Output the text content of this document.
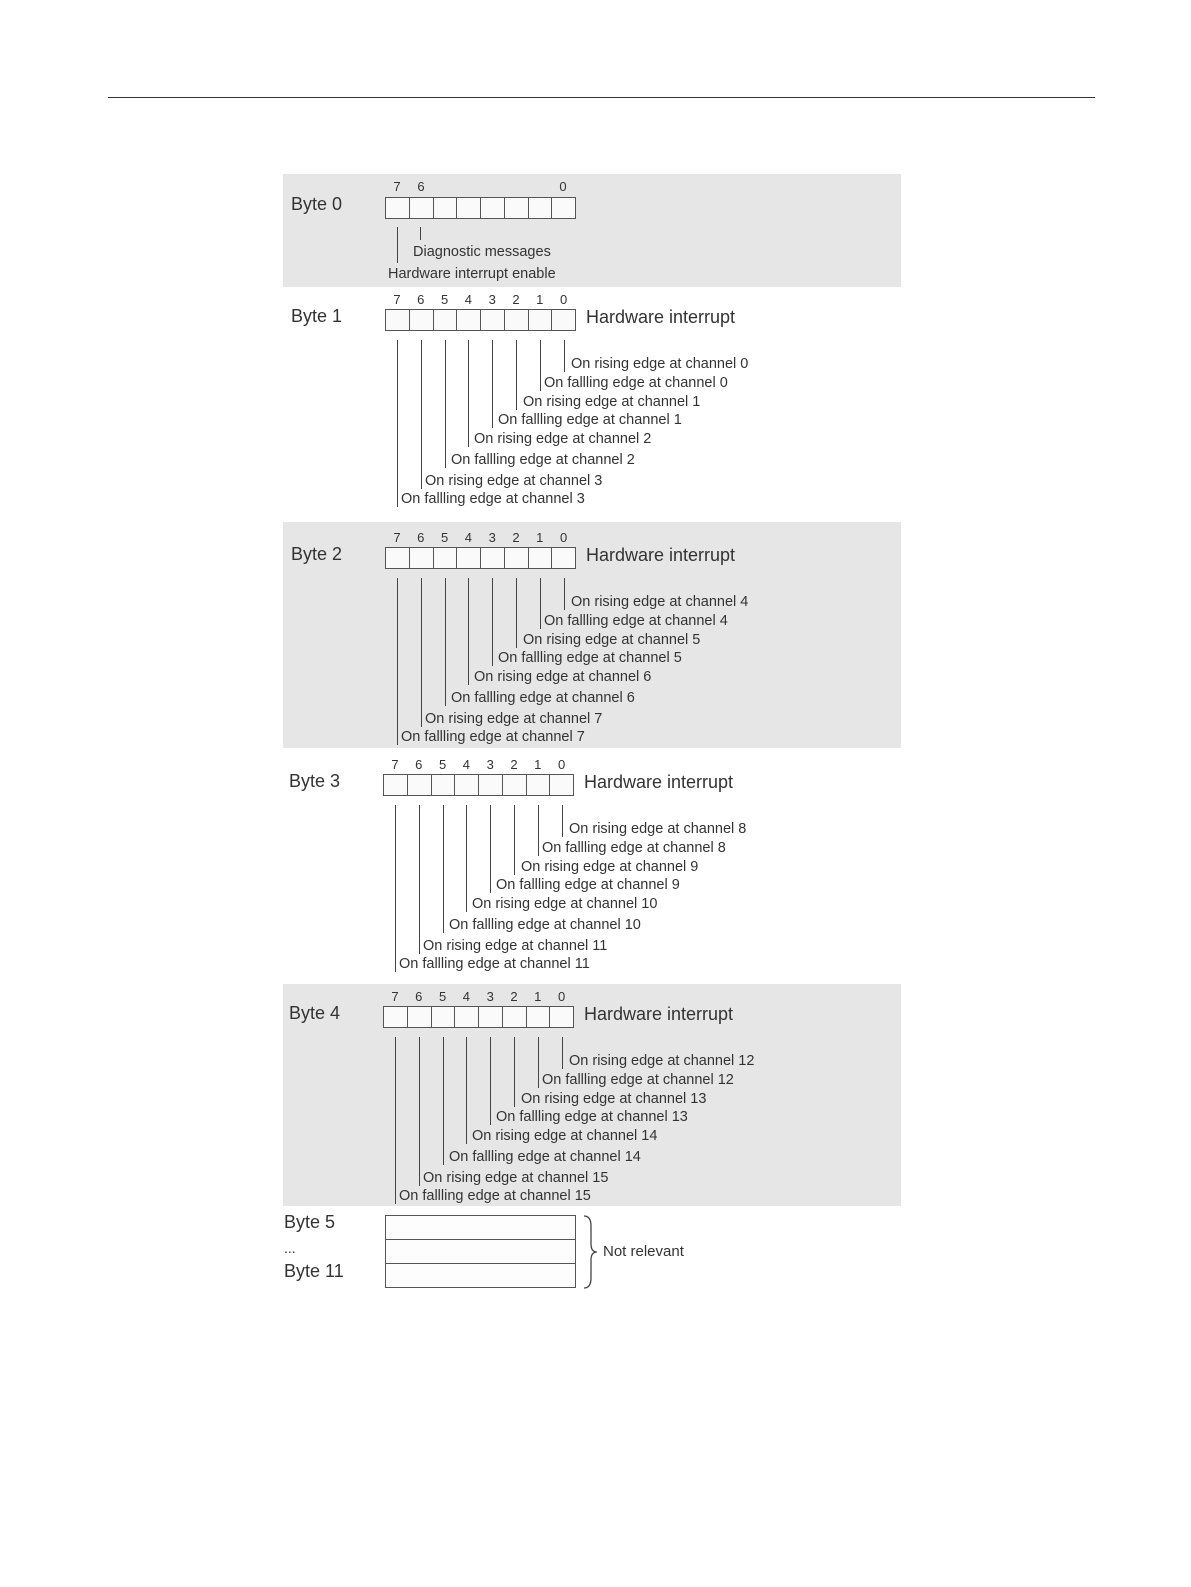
Byte 0
7 6	0
Diagnostic messages
Hardware interrupt enable
Byte 1
7 6 5 4 3 2 1 0
Hardware interrupt
On rising edge at channel 0
On fallling edge at channel 0
On rising edge at channel 1
On fallling edge at channel 1
On rising edge at channel 2
On fallling edge at channel 2
On rising edge at channel 3
On fallling edge at channel 3
Byte 2
7 6 5 4 3 2 1 0
Hardware interrupt
On rising edge at channel 4
On fallling edge at channel 4
On rising edge at channel 5
On fallling edge at channel 5
On rising edge at channel 6
On fallling edge at channel 6
On rising edge at channel 7
On fallling edge at channel 7
Byte 3
7 6 5 4 3 2 1 0
Hardware interrupt
On rising edge at channel 8
On fallling edge at channel 8
On rising edge at channel 9
On fallling edge at channel 9
On rising edge at channel 10
On fallling edge at channel 10
On rising edge at channel 11
On fallling edge at channel 11
Byte 4
7 6 5 4 3 2 1 0
Hardware interrupt
On rising edge at channel 12
On fallling edge at channel 12
On rising edge at channel 13
On fallling edge at channel 13
On rising edge at channel 14
On fallling edge at channel 14
On rising edge at channel 15
On fallling edge at channel 15
Byte 5
...
Byte 11
Not relevant
